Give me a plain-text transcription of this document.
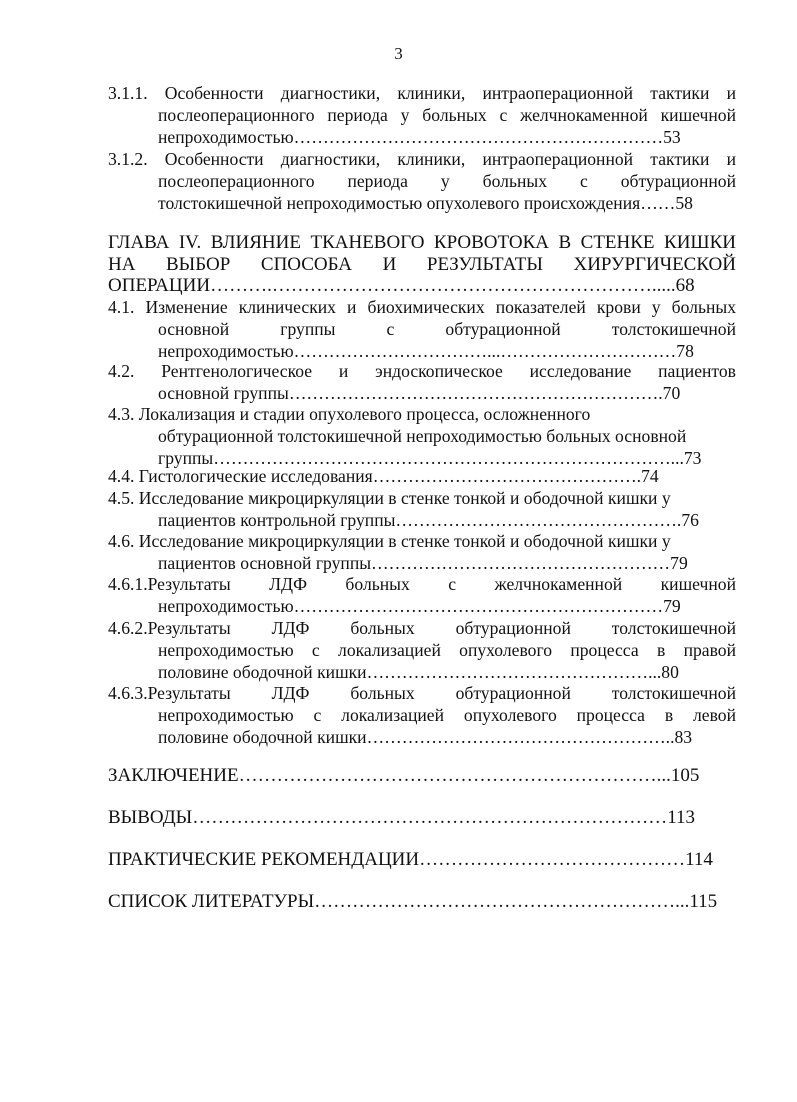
3
3.1.1. Особенности диагностики, клиники, интраоперационной тактики и
послеоперационного периода у больных с желчнокаменной кишечной
непроходимостью………………………………………………………53
3.1.2. Особенности диагностики, клиники, интраоперационной тактики и
послеоперационного периода у больных с обтурационной
толстокишечной непроходимостью опухолевого происхождения……58
ГЛАВА IV. ВЛИЯНИЕ ТКАНЕВОГО КРОВОТОКА В СТЕНКЕ КИШКИ
НА ВЫБОР СПОСОБА И РЕЗУЛЬТАТЫ ХИРУРГИЧЕСКОЙ
ОПЕРАЦИИ……….…………………………………………………….....68
4.1. Изменение клинических и биохимических показателей крови у больных
основной группы с обтурационной толстокишечной
непроходимостью……………………………...…………………………78
4.2. Рентгенологическое и эндоскопическое исследование пациентов
основной группы……………………………………………………….70
4.3. Локализация и стадии опухолевого процесса, осложненного
обтурационной толстокишечной непроходимостью больных основной
группы……………………………………………………………………...73
4.4. Гистологические исследования……………………………………….74
4.5. Исследование микроциркуляции в стенке тонкой и ободочной кишки у
пациентов контрольной группы………………………………………….76
4.6. Исследование микроциркуляции в стенке тонкой и ободочной кишки у
пациентов основной группы……………………………………………79
4.6.1.Результаты ЛДФ больных с желчнокаменной кишечной
непроходимостью………………………………………………………79
4.6.2.Результаты ЛДФ больных обтурационной толстокишечной
непроходимостью с локализацией опухолевого процесса в правой
половине ободочной кишки…………………………………………...80
4.6.3.Результаты ЛДФ больных обтурационной толстокишечной
непроходимостью с локализацией опухолевого процесса в левой
половине ободочной кишки……………………………………………..83
ЗАКЛЮЧЕНИЕ…………………………………………………………...105
ВЫВОДЫ…………………………………………………………………113
ПРАКТИЧЕСКИЕ РЕКОМЕНДАЦИИ……………………………………114
СПИСОК ЛИТЕРАТУРЫ…………………………………………………...115
